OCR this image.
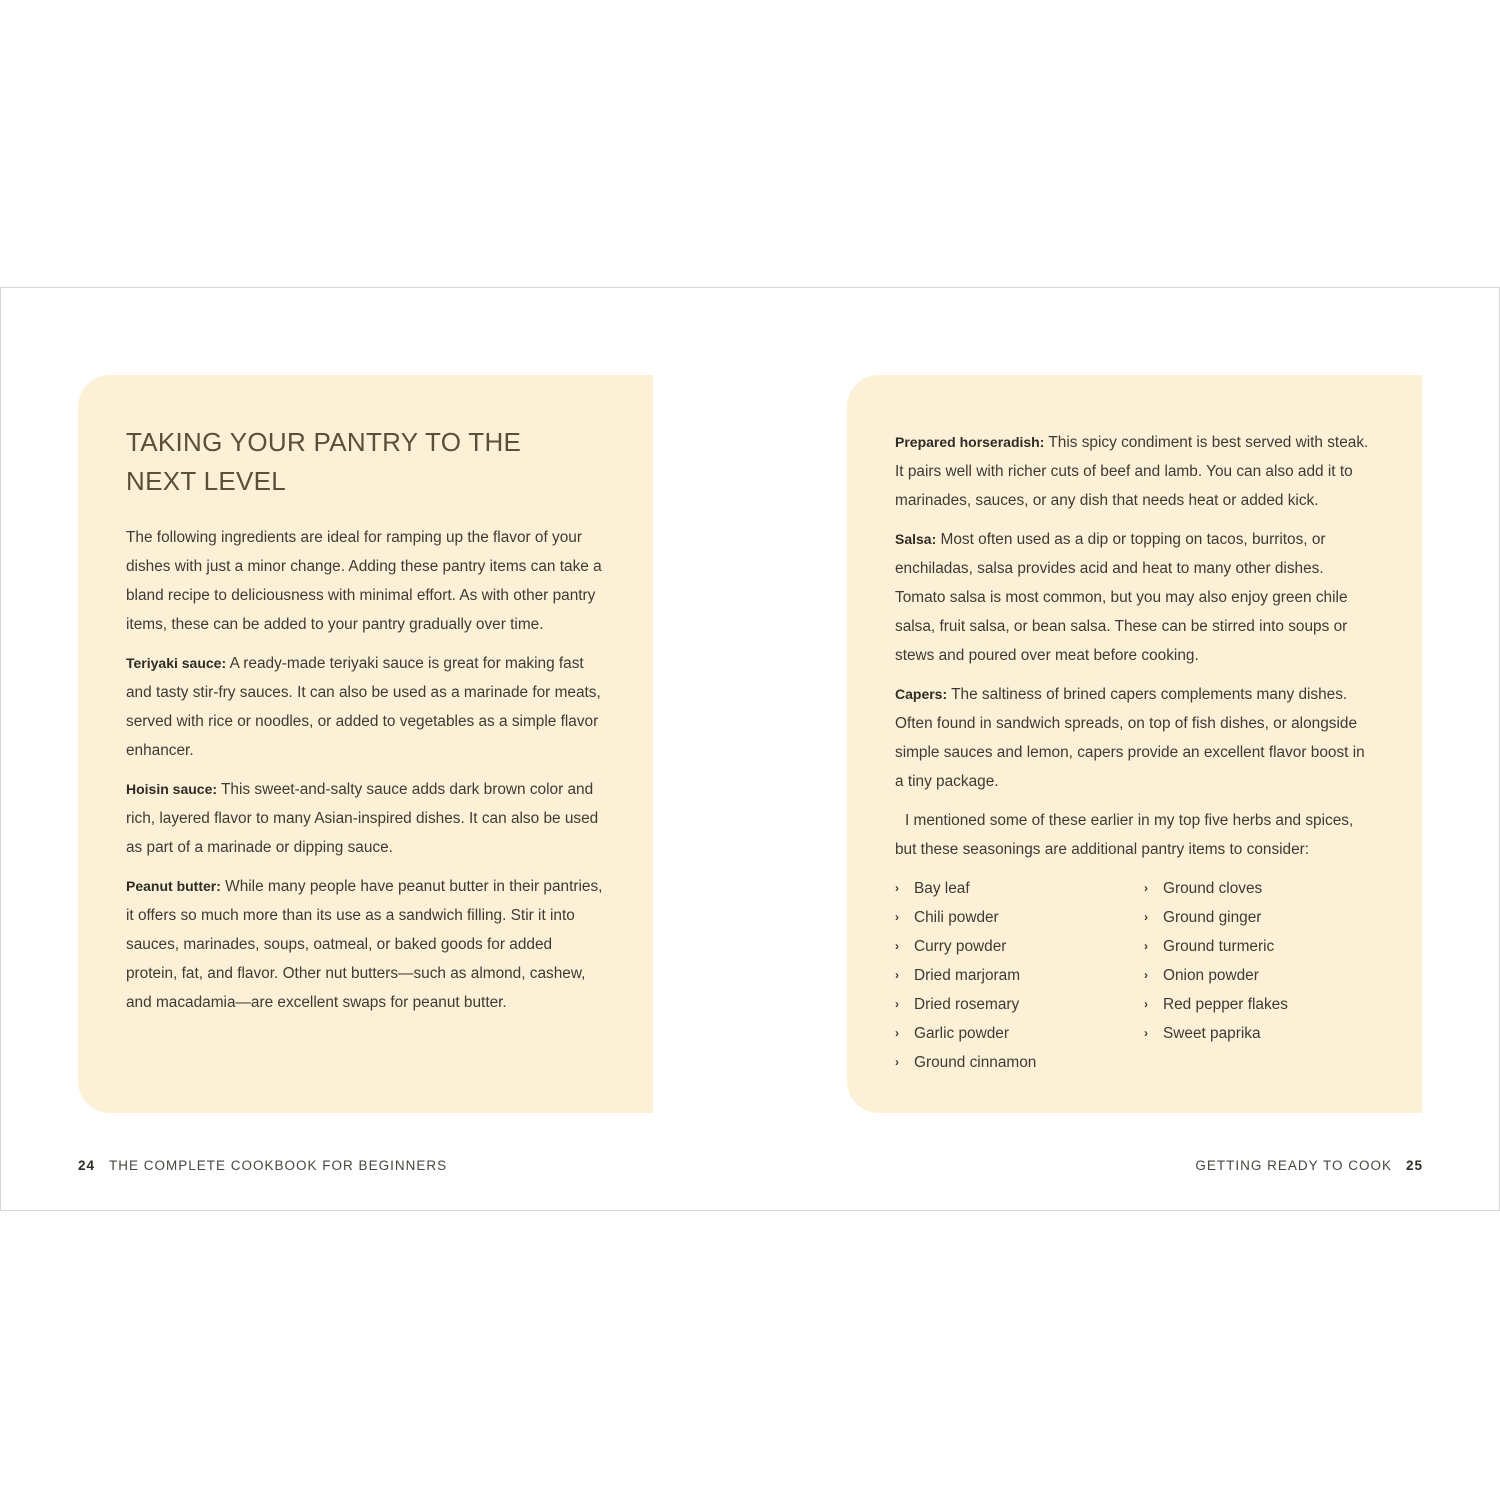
TAKING YOUR PANTRY TO THE
NEXT LEVEL

The following ingredients are ideal for ramping up the flavor of your dishes with just a minor change. Adding these pantry items can take a bland recipe to deliciousness with minimal effort. As with other pantry items, these can be added to your pantry gradually over time.

Teriyaki sauce: A ready-made teriyaki sauce is great for making fast and tasty stir-fry sauces. It can also be used as a marinade for meats, served with rice or noodles, or added to vegetables as a simple flavor enhancer.

Hoisin sauce: This sweet-and-salty sauce adds dark brown color and rich, layered flavor to many Asian-inspired dishes. It can also be used as part of a marinade or dipping sauce.

Peanut butter: While many people have peanut butter in their pantries, it offers so much more than its use as a sandwich filling. Stir it into sauces, marinades, soups, oatmeal, or baked goods for added protein, fat, and flavor. Other nut butters—such as almond, cashew, and macadamia—are excellent swaps for peanut butter.

Prepared horseradish: This spicy condiment is best served with steak. It pairs well with richer cuts of beef and lamb. You can also add it to marinades, sauces, or any dish that needs heat or added kick.

Salsa: Most often used as a dip or topping on tacos, burritos, or enchiladas, salsa provides acid and heat to many other dishes. Tomato salsa is most common, but you may also enjoy green chile salsa, fruit salsa, or bean salsa. These can be stirred into soups or stews and poured over meat before cooking.

Capers: The saltiness of brined capers complements many dishes. Often found in sandwich spreads, on top of fish dishes, or alongside simple sauces and lemon, capers provide an excellent flavor boost in a tiny package.

I mentioned some of these earlier in my top five herbs and spices, but these seasonings are additional pantry items to consider:

› Bay leaf
› Chili powder
› Curry powder
› Dried marjoram
› Dried rosemary
› Garlic powder
› Ground cinnamon
› Ground cloves
› Ground ginger
› Ground turmeric
› Onion powder
› Red pepper flakes
› Sweet paprika
24 THE COMPLETE COOKBOOK FOR BEGINNERS	GETTING READY TO COOK 25
